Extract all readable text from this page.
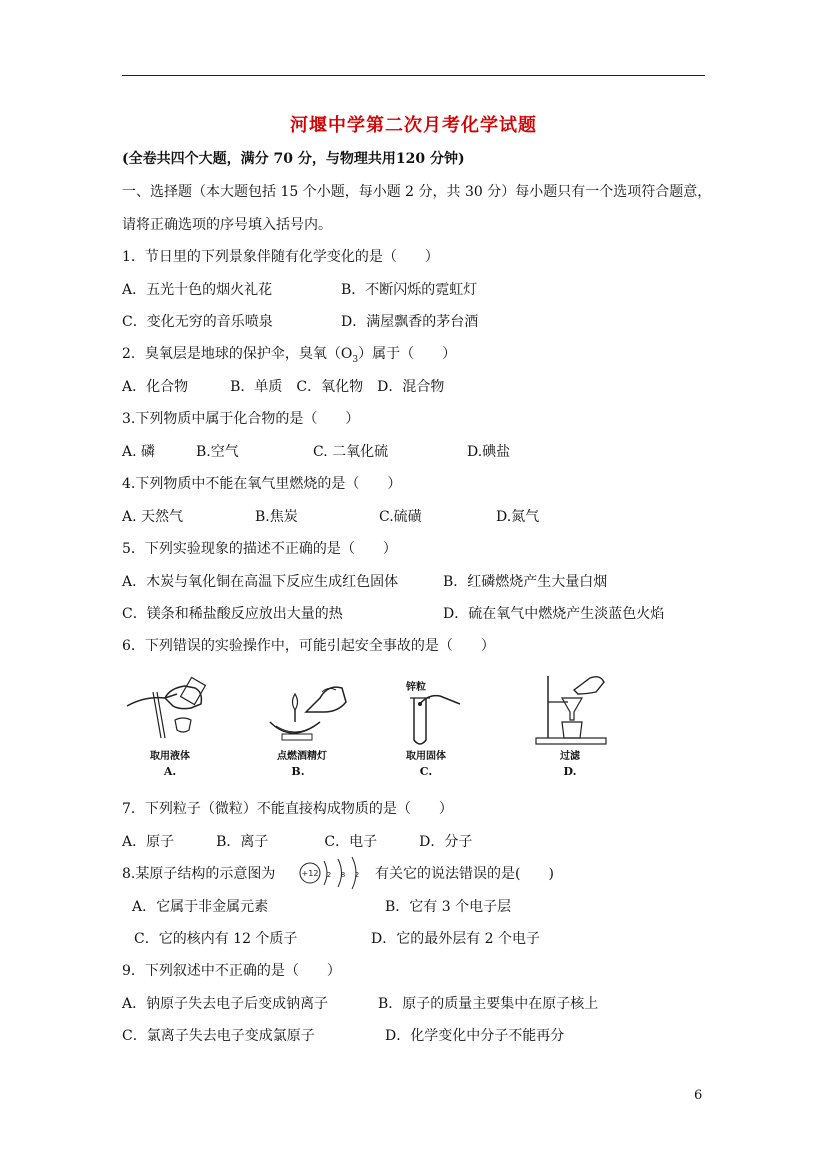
河堰中学第二次月考化学试题
(全卷共四个大题，满分 70 分，与物理共用120 分钟)
一、选择题（本大题包括 15 个小题，每小题 2 分，共 30 分）每小题只有一个选项符合题意，
请将正确选项的序号填入括号内。
1．节日里的下列景象伴随有化学变化的是（　　）
A．五光十色的烟火礼花	B．不断闪烁的霓虹灯
C．变化无穷的音乐喷泉	D．满屋飘香的茅台酒
2．臭氧层是地球的保护伞，臭氧$(O_3)$属于（　　）
A．化合物　　　B．单质　C．氧化物　D．混合物
3.下列物质中属于化合物的是（　　）
A. 磷	B.空气	C. 二氧化硫	D.碘盐
4.下列物质中不能在氧气里燃烧的是（　　）
A. 天然气	B.焦炭	C.硫磺	D.氮气
5．下列实验现象的描述不正确的是（　　）
A．木炭与氧化铜在高温下反应生成红色固体	B．红磷燃烧产生大量白烟
C．镁条和稀盐酸反应放出大量的热	D．硫在氧气中燃烧产生淡蓝色火焰
6．下列错误的实验操作中，可能引起安全事故的是（　　）
取用液体
A.
点燃酒精灯
B.
锌粒
取用固体
C.
过滤
D.
7．下列粒子（微粒）不能直接构成物质的是（　　）
A．原子　　　B．离子　　　　C．电子　　　D．分子
8.某原子结构的示意图为	+12 2 8 2 有关它的说法错误的是(　　)
A．它属于非金属元素	B．它有 3 个电子层
C．它的核内有 12 个质子	D．它的最外层有 2 个电子
9．下列叙述中不正确的是（　　）
A．钠原子失去电子后变成钠离子	B．原子的质量主要集中在原子核上
C．氯离子失去电子变成氯原子	D．化学变化中分子不能再分
6
